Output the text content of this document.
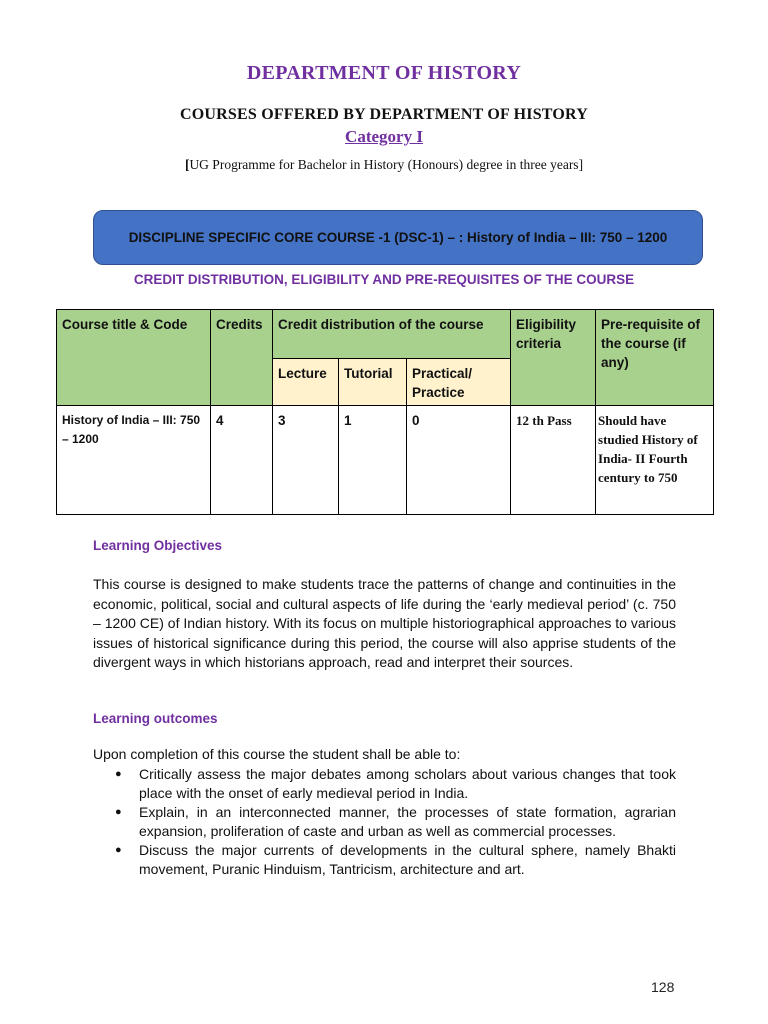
DEPARTMENT OF HISTORY
COURSES OFFERED BY DEPARTMENT OF HISTORY
Category I
[UG Programme for Bachelor in History (Honours) degree in three years]
DISCIPLINE SPECIFIC CORE COURSE -1 (DSC-1) – : History of India – III: 750 – 1200
CREDIT DISTRIBUTION, ELIGIBILITY AND PRE-REQUISITES OF THE COURSE
Course title & Code	Credits	Credit distribution of the course			Eligibility criteria	Pre-requisite of the course (if any)
		Lecture	Tutorial	Practical/ Practice		
History of India – III: 750 – 1200	4	3	1	0	12 th Pass	Should have studied History of India- II Fourth century to 750
Learning Objectives

This course is designed to make students trace the patterns of change and continuities in the economic, political, social and cultural aspects of life during the ‘early medieval period’ (c. 750 – 1200 CE) of Indian history. With its focus on multiple historiographical approaches to various issues of historical significance during this period, the course will also apprise students of the divergent ways in which historians approach, read and interpret their sources.

Learning outcomes
Upon completion of this course the student shall be able to:
● Critically assess the major debates among scholars about various changes that took place with the onset of early medieval period in India.
● Explain, in an interconnected manner, the processes of state formation, agrarian expansion, proliferation of caste and urban as well as commercial processes.
● Discuss the major currents of developments in the cultural sphere, namely Bhakti movement, Puranic Hinduism, Tantricism, architecture and art.
128
